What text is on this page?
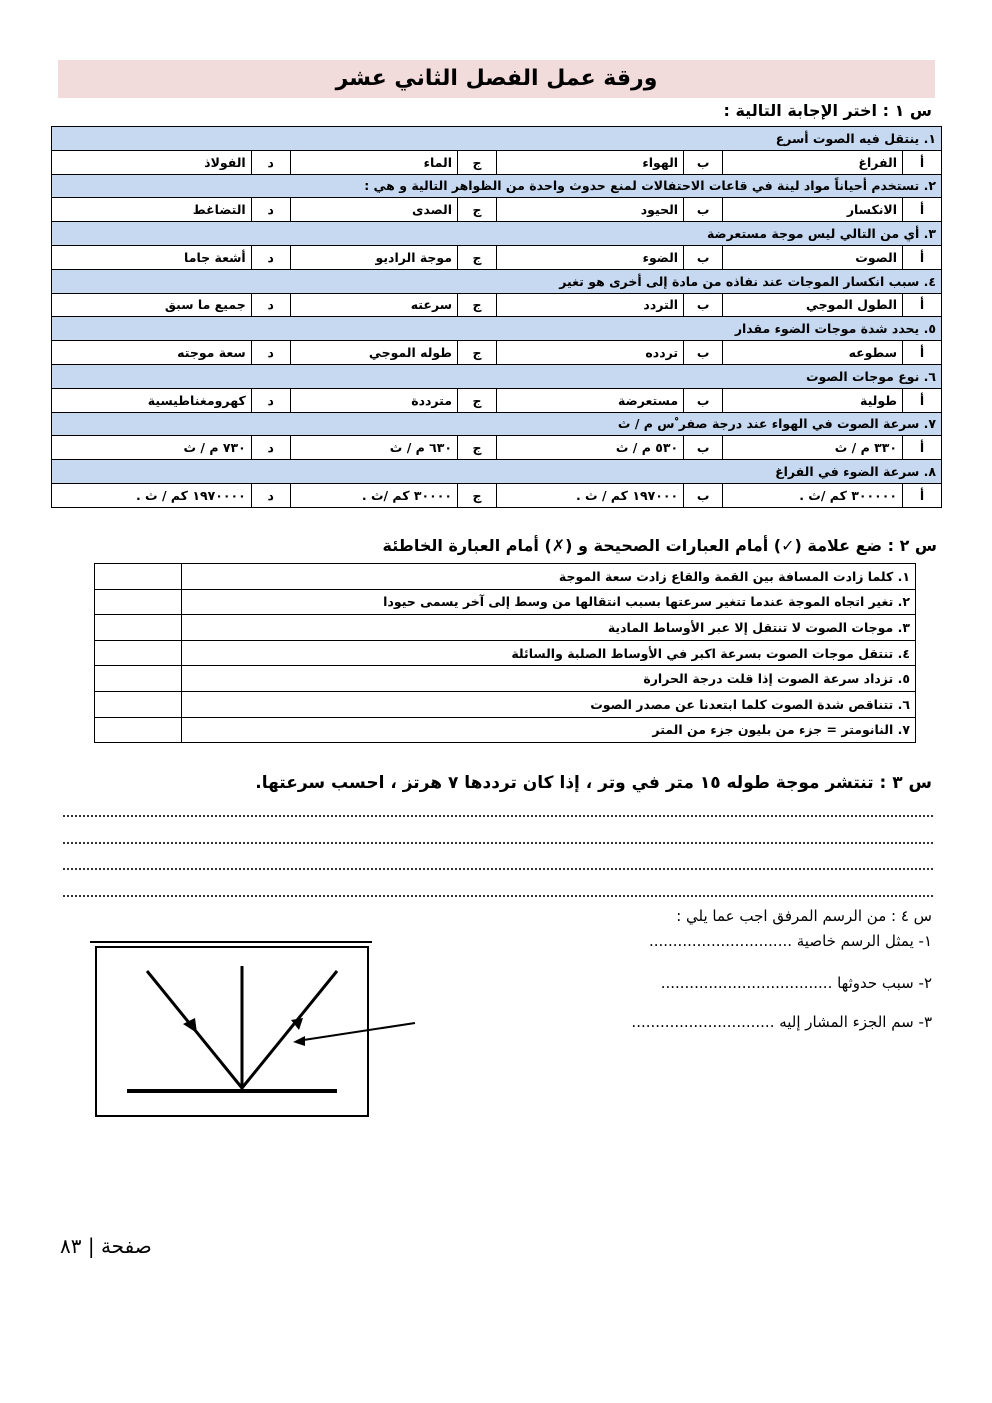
ورقة عمل الفصل الثاني عشر
س ١ : اختر الإجابة التالية :
١. ينتقل فيه الصوت أسرع							
أ	الفراغ	ب	الهواء	ج	الماء	د	الفولاذ
٢. تستخدم أحياناً مواد لينة في قاعات الاحتفالات لمنع حدوث واحدة من الظواهر التالية و هي :							
أ	الانكسار	ب	الحيود	ج	الصدى	د	التضاغط
٣. أي من التالي ليس موجة مستعرضة							
أ	الصوت	ب	الضوء	ج	موجة الراديو	د	أشعة جاما
٤. سبب انكسار الموجات عند نفاذه من مادة إلى أخرى هو تغير							
أ	الطول الموجي	ب	التردد	ج	سرعته	د	جميع ما سبق
٥. يحدد شدة موجات الضوء مقدار							
أ	سطوعه	ب	تردده	ج	طوله الموجي	د	سعة موجته
٦. نوع موجات الصوت							
أ	طولية	ب	مستعرضة	ج	مترددة	د	كهرومغناطيسية
٧. سرعة الصوت في الهواء عند درجة صفر ْس م / ث							
أ	٣٣٠ م / ث	ب	٥٣٠ م / ث	ج	٦٣٠ م / ث	د	٧٣٠ م / ث
٨. سرعة الضوء في الفراغ							
أ	٣٠٠٠٠٠ كم /ث .	ب	١٩٧٠٠٠ كم / ث .	ج	٣٠٠٠٠ كم /ث .	د	١٩٧٠٠٠٠ كم / ث .
س ٢ : ضع علامة (✓) أمام العبارات الصحيحة و (✗) أمام العبارة الخاطئة
١. كلما زادت المسافة بين القمة والقاع زادت سعة الموجة	
٢. تغير اتجاه الموجة عندما تتغير سرعتها بسبب انتقالها من وسط إلى آخر يسمى حيودا	
٣. موجات الصوت لا تنتقل إلا عبر الأوساط المادية	
٤. تنتقل موجات الصوت بسرعة اكبر في الأوساط الصلبة والسائلة	
٥. تزداد سرعة الصوت إذا قلت درجة الحرارة	
٦. تتناقص شدة الصوت كلما ابتعدنا عن مصدر الصوت	
٧. النانومتر = جزء من بليون جزء من المتر	
س ٣ : تنتشر موجة طوله ١٥ متر في وتر ، إذا كان ترددها ٧ هرتز ، احسب سرعتها.
س ٤ : من الرسم المرفق اجب عما يلي :
١- يمثل الرسم خاصية ..............................
٢- سبب حدوثها ....................................
٣- سم الجزء المشار إليه ..............................
صفحة | ٨٣
